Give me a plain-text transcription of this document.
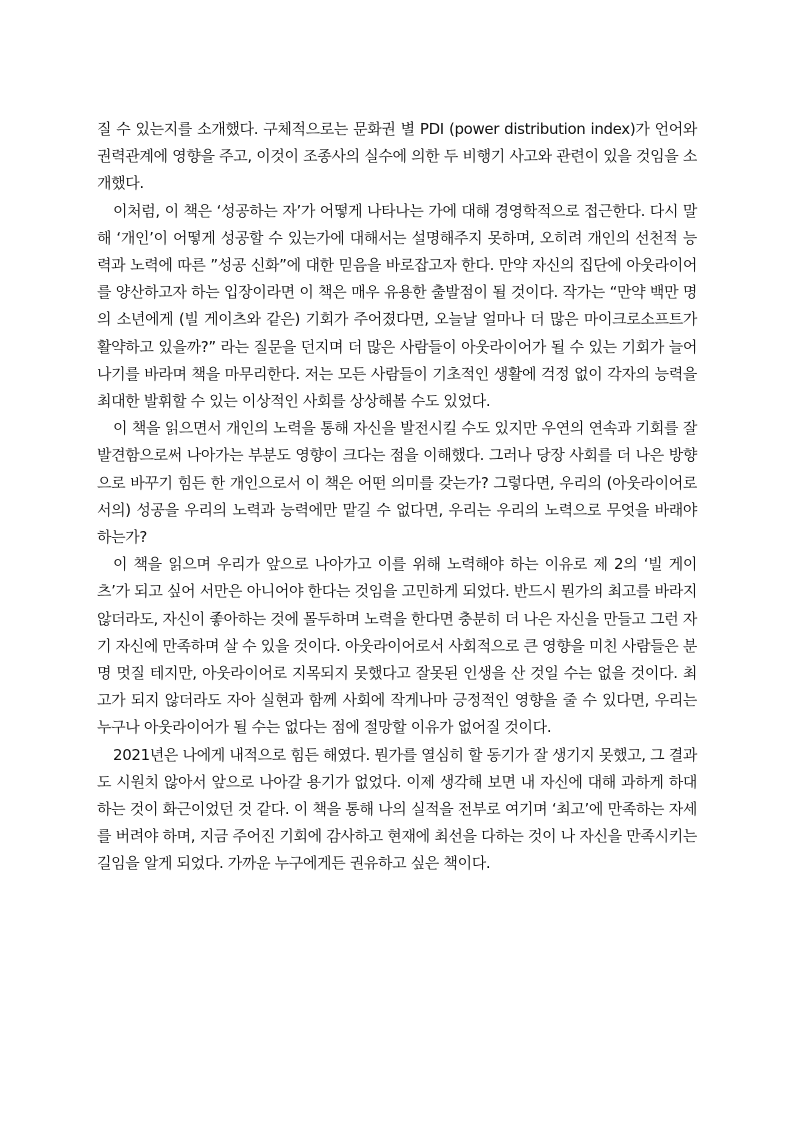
질 수 있는지를 소개했다. 구체적으로는 문화권 별 PDI (power distribution index)가 언어와 권력관계에 영향을 주고, 이것이 조종사의 실수에 의한 두 비행기 사고와 관련이 있을 것임을 소개했다.

이처럼, 이 책은 ‘성공하는 자’가 어떻게 나타나는 가에 대해 경영학적으로 접근한다. 다시 말해 ‘개인’이 어떻게 성공할 수 있는가에 대해서는 설명해주지 못하며, 오히려 개인의 선천적 능력과 노력에 따른 ”성공 신화”에 대한 믿음을 바로잡고자 한다. 만약 자신의 집단에 아웃라이어를 양산하고자 하는 입장이라면 이 책은 매우 유용한 출발점이 될 것이다. 작가는 “만약 백만 명의 소년에게 (빌 게이츠와 같은) 기회가 주어졌다면, 오늘날 얼마나 더 많은 마이크로소프트가 활약하고 있을까?” 라는 질문을 던지며 더 많은 사람들이 아웃라이어가 될 수 있는 기회가 늘어나기를 바라며 책을 마무리한다. 저는 모든 사람들이 기초적인 생활에 걱정 없이 각자의 능력을 최대한 발휘할 수 있는 이상적인 사회를 상상해볼 수도 있었다.

이 책을 읽으면서 개인의 노력을 통해 자신을 발전시킬 수도 있지만 우연의 연속과 기회를 잘 발견함으로써 나아가는 부분도 영향이 크다는 점을 이해했다. 그러나 당장 사회를 더 나은 방향으로 바꾸기 힘든 한 개인으로서 이 책은 어떤 의미를 갖는가? 그렇다면, 우리의 (아웃라이어로서의) 성공을 우리의 노력과 능력에만 맡길 수 없다면, 우리는 우리의 노력으로 무엇을 바래야 하는가?

이 책을 읽으며 우리가 앞으로 나아가고 이를 위해 노력해야 하는 이유로 제 2의 ‘빌 게이츠’가 되고 싶어 서만은 아니어야 한다는 것임을 고민하게 되었다. 반드시 뭔가의 최고를 바라지 않더라도, 자신이 좋아하는 것에 몰두하며 노력을 한다면 충분히 더 나은 자신을 만들고 그런 자기 자신에 만족하며 살 수 있을 것이다. 아웃라이어로서 사회적으로 큰 영향을 미친 사람들은 분명 멋질 테지만, 아웃라이어로 지목되지 못했다고 잘못된 인생을 산 것일 수는 없을 것이다. 최고가 되지 않더라도 자아 실현과 함께 사회에 작게나마 긍정적인 영향을 줄 수 있다면, 우리는 누구나 아웃라이어가 될 수는 없다는 점에 절망할 이유가 없어질 것이다.

2021년은 나에게 내적으로 힘든 해였다. 뭔가를 열심히 할 동기가 잘 생기지 못했고, 그 결과도 시원치 않아서 앞으로 나아갈 용기가 없었다. 이제 생각해 보면 내 자신에 대해 과하게 하대하는 것이 화근이었던 것 같다. 이 책을 통해 나의 실적을 전부로 여기며 ‘최고’에 만족하는 자세를 버려야 하며, 지금 주어진 기회에 감사하고 현재에 최선을 다하는 것이 나 자신을 만족시키는 길임을 알게 되었다. 가까운 누구에게든 권유하고 싶은 책이다.
